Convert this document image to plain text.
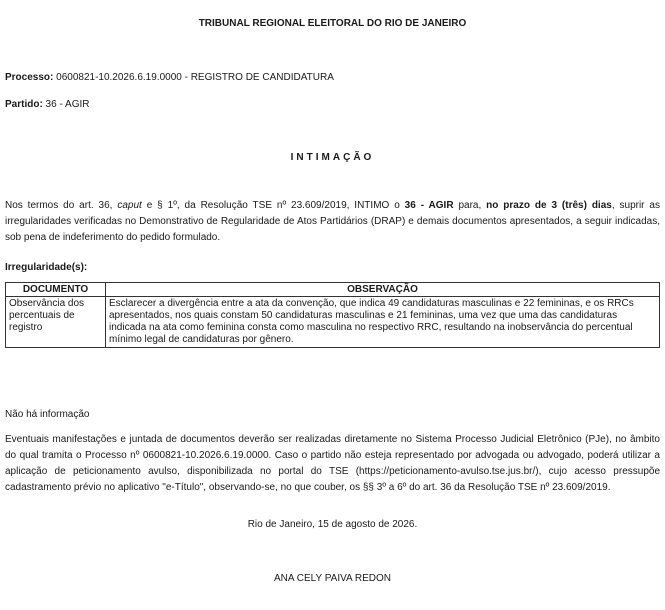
TRIBUNAL REGIONAL ELEITORAL DO RIO DE JANEIRO
Processo: 0600821-10.2026.6.19.0000 - REGISTRO DE CANDIDATURA
Partido: 36 - AGIR
INTIMAÇÃO
Nos termos do art. 36, caput e § 1º, da Resolução TSE nº 23.609/2019, INTIMO o 36 - AGIR para, no prazo de 3 (três) dias, suprir as irregularidades verificadas no Demonstrativo de Regularidade de Atos Partidários (DRAP) e demais documentos apresentados, a seguir indicadas, sob pena de indeferimento do pedido formulado.
Irregularidade(s):
DOCUMENTO	OBSERVAÇÃO
Observância dos percentuais de registro	Esclarecer a divergência entre a ata da convenção, que indica 49 candidaturas masculinas e 22 femininas, e os RRCs apresentados, nos quais constam 50 candidaturas masculinas e 21 femininas, uma vez que uma das candidaturas indicada na ata como feminina consta como masculina no respectivo RRC, resultando na inobservância do percentual mínimo legal de candidaturas por gênero.
Não há informação
Eventuais manifestações e juntada de documentos deverão ser realizadas diretamente no Sistema Processo Judicial Eletrônico (PJe), no âmbito do qual tramita o Processo nº 0600821-10.2026.6.19.0000. Caso o partido não esteja representado por advogada ou advogado, poderá utilizar a aplicação de peticionamento avulso, disponibilizada no portal do TSE (https://peticionamento-avulso.tse.jus.br/), cujo acesso pressupõe cadastramento prévio no aplicativo "e-Título", observando-se, no que couber, os §§ 3º a 6º do art. 36 da Resolução TSE nº 23.609/2019.
Rio de Janeiro, 15 de agosto de 2026.
ANA CELY PAIVA REDON
